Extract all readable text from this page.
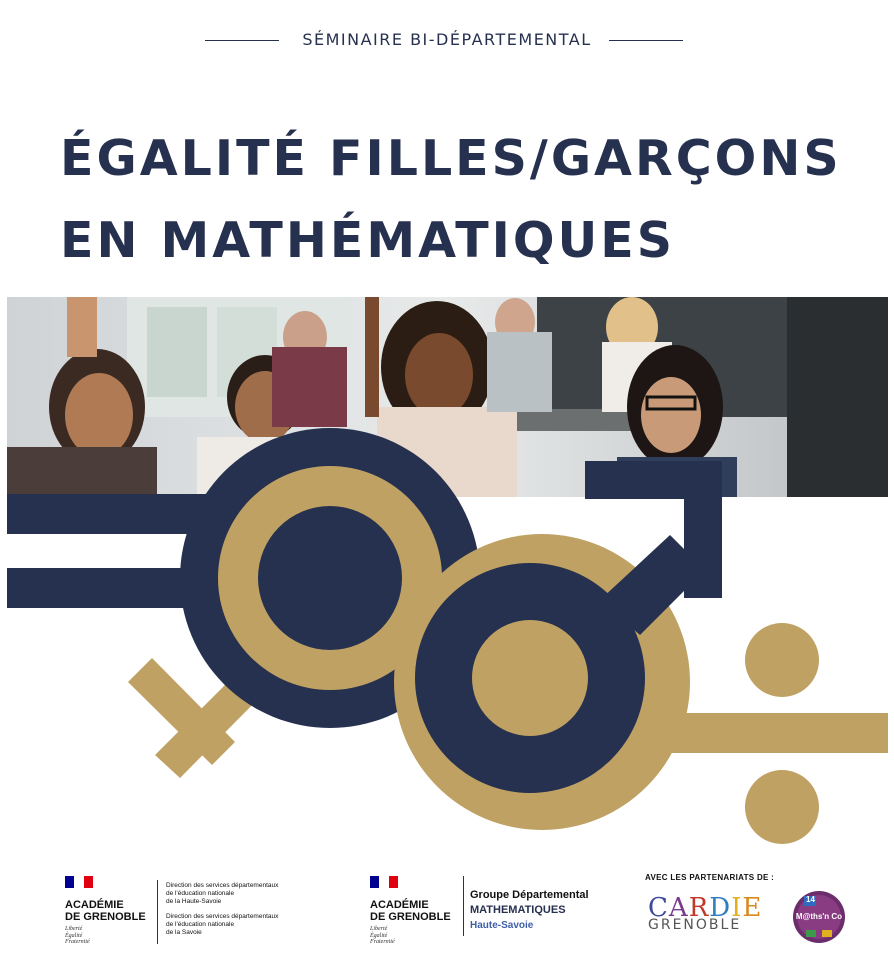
SÉMINAIRE BI-DÉPARTEMENTAL
ÉGALITÉ FILLES/GARÇONS
EN MATHÉMATIQUES
ACADÉMIE
DE GRENOBLE
Liberté
Égalité
Fraternité
Direction des services départementaux
de l'éducation nationale
de la Haute-Savoie
Direction des services départementaux
de l'éducation nationale
de la Savoie
ACADÉMIE
DE GRENOBLE
Liberté
Égalité
Fraternité
Groupe Départemental
MATHEMATIQUES
Haute-Savoie
AVEC LES PARTENARIATS DE :
CARDIE
GRENOBLE
14
M@ths'n Co
